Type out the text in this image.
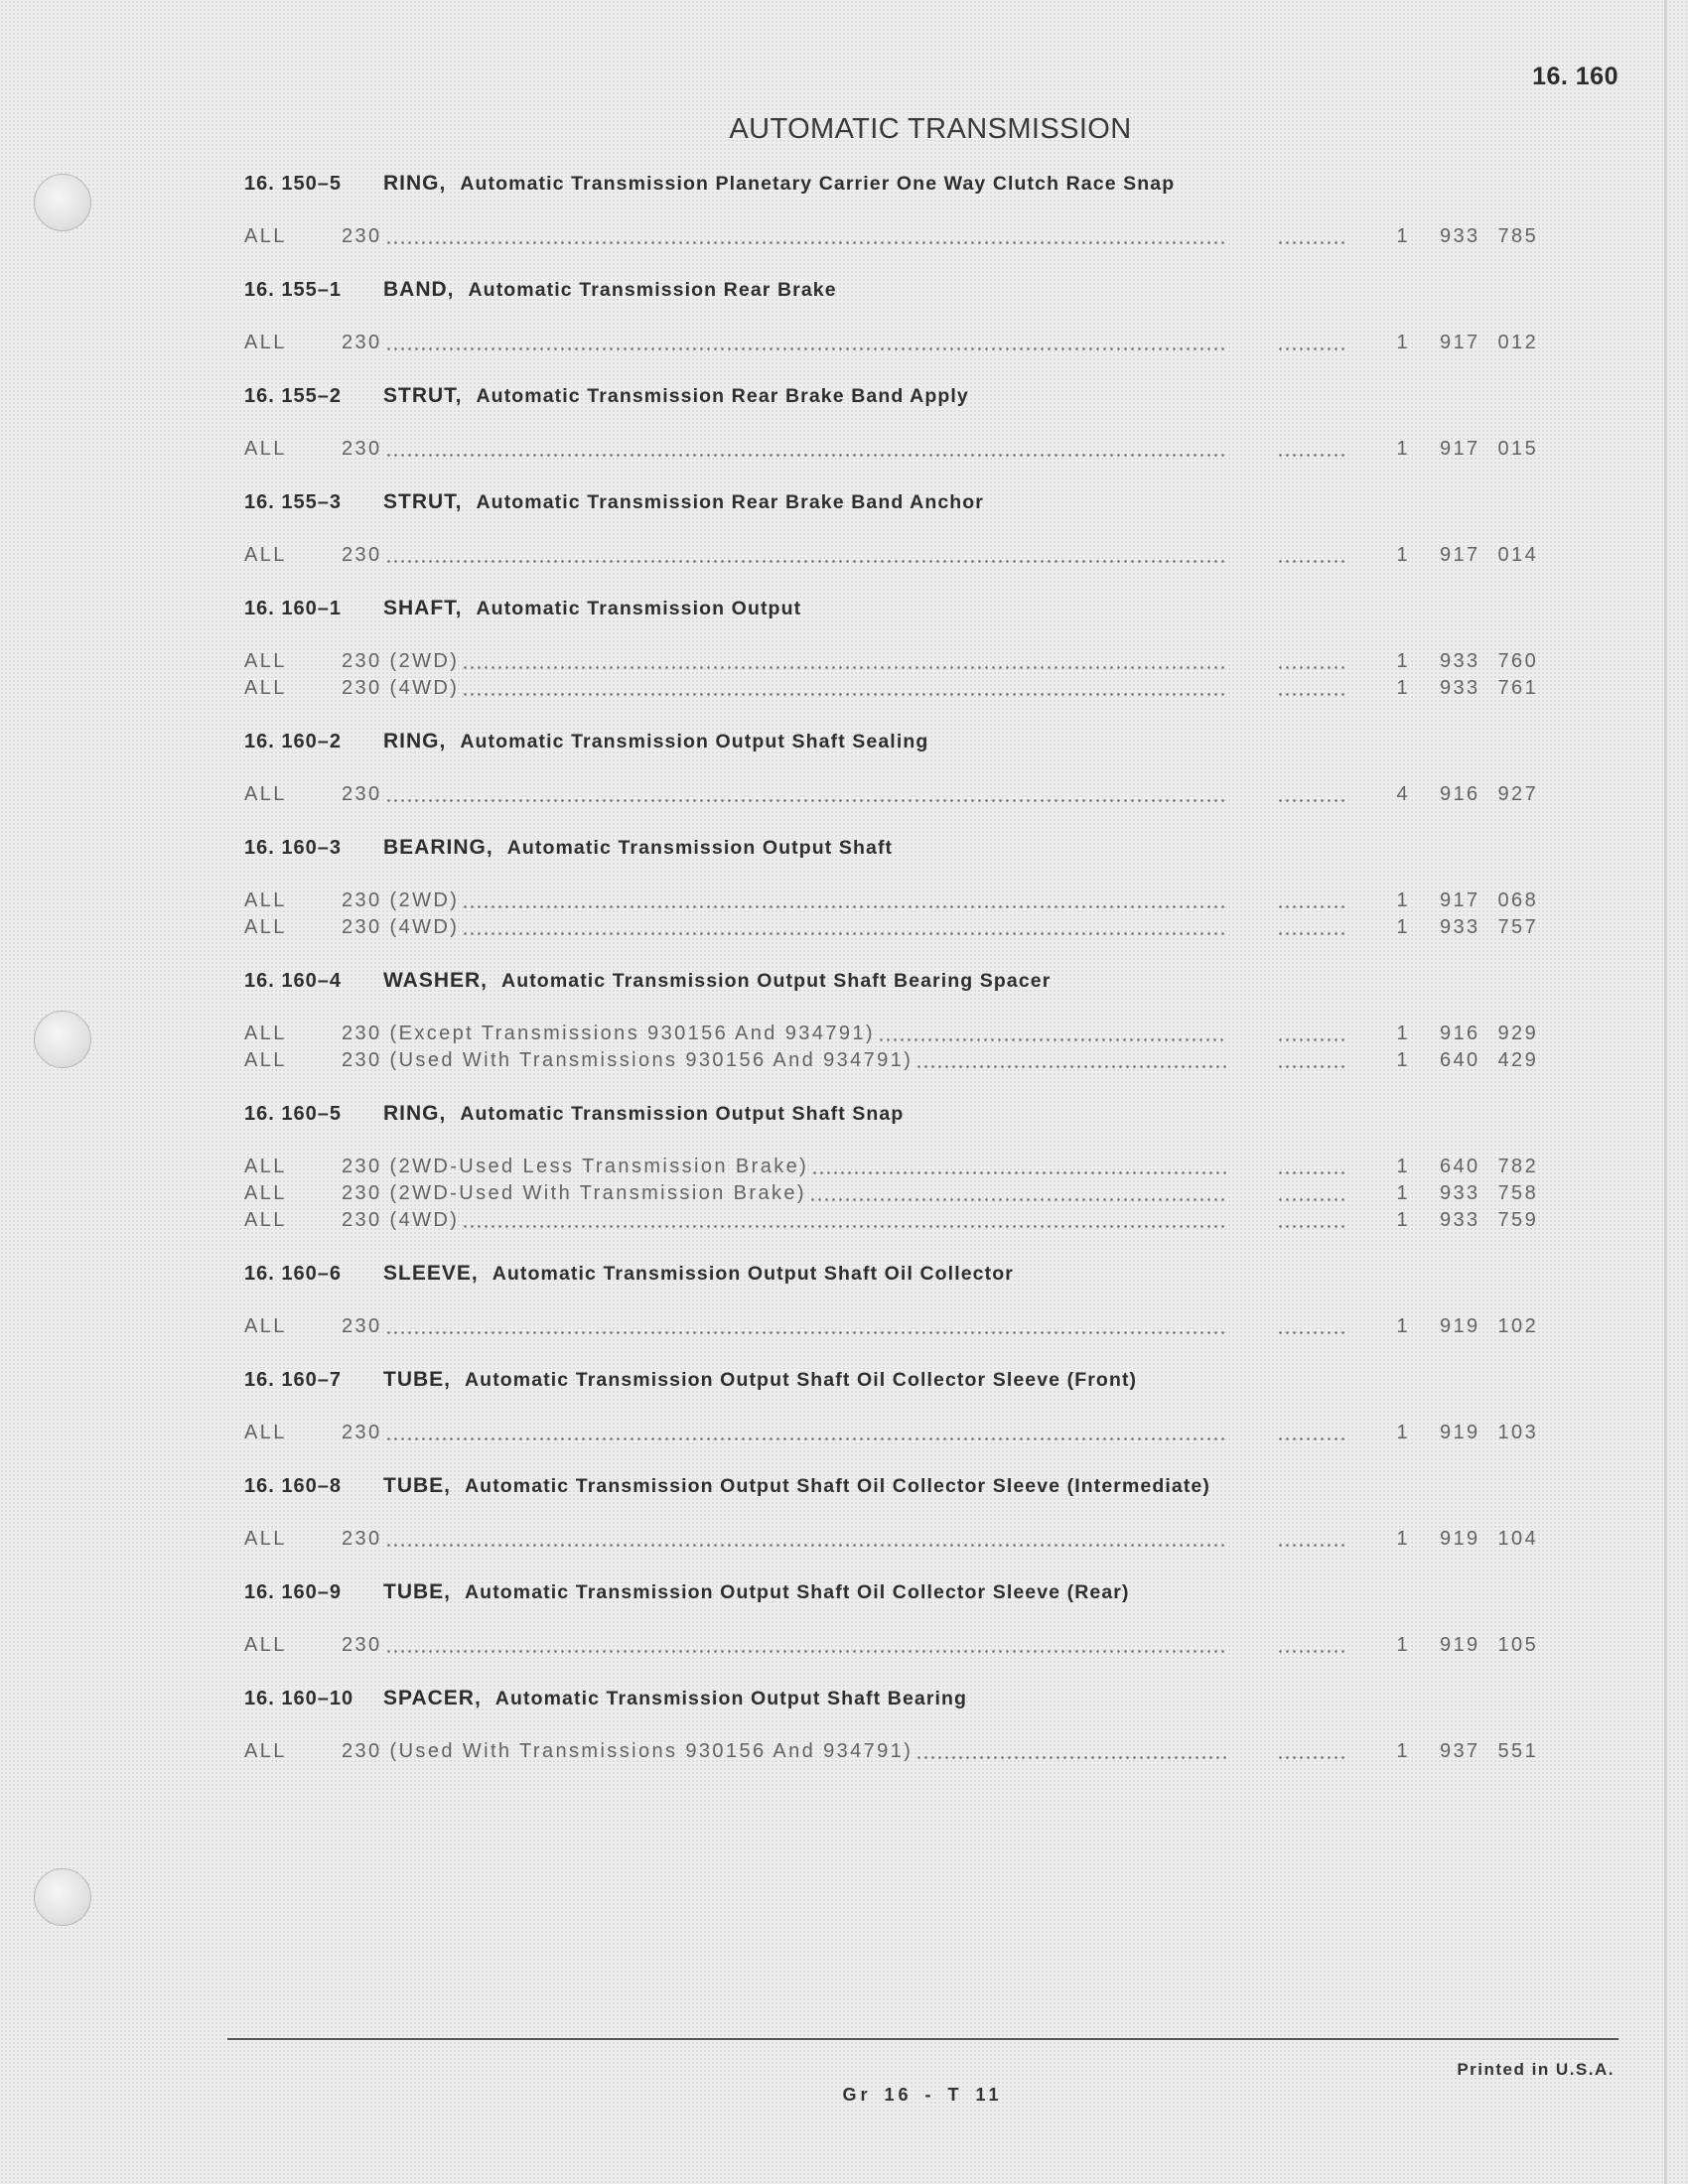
16. 160
AUTOMATIC TRANSMISSION
16. 150–5	RING, Automatic Transmission Planetary Carrier One Way Clutch Race Snap
ALL	230	1	933 785
16. 155–1	BAND, Automatic Transmission Rear Brake
ALL	230	1	917 012
16. 155–2	STRUT, Automatic Transmission Rear Brake Band Apply
ALL	230	1	917 015
16. 155–3	STRUT, Automatic Transmission Rear Brake Band Anchor
ALL	230	1	917 014
16. 160–1	SHAFT, Automatic Transmission Output
ALL	230 (2WD)	1	933 760
ALL	230 (4WD)	1	933 761
16. 160–2	RING, Automatic Transmission Output Shaft Sealing
ALL	230	4	916 927
16. 160–3	BEARING, Automatic Transmission Output Shaft
ALL	230 (2WD)	1	917 068
ALL	230 (4WD)	1	933 757
16. 160–4	WASHER, Automatic Transmission Output Shaft Bearing Spacer
ALL	230 (Except Transmissions 930156 And 934791)	1	916 929
ALL	230 (Used With Transmissions 930156 And 934791)	1	640 429
16. 160–5	RING, Automatic Transmission Output Shaft Snap
ALL	230 (2WD-Used Less Transmission Brake)	1	640 782
ALL	230 (2WD-Used With Transmission Brake)	1	933 758
ALL	230 (4WD)	1	933 759
16. 160–6	SLEEVE, Automatic Transmission Output Shaft Oil Collector
ALL	230	1	919 102
16. 160–7	TUBE, Automatic Transmission Output Shaft Oil Collector Sleeve (Front)
ALL	230	1	919 103
16. 160–8	TUBE, Automatic Transmission Output Shaft Oil Collector Sleeve (Intermediate)
ALL	230	1	919 104
16. 160–9	TUBE, Automatic Transmission Output Shaft Oil Collector Sleeve (Rear)
ALL	230	1	919 105
16. 160–10	SPACER, Automatic Transmission Output Shaft Bearing
ALL	230 (Used With Transmissions 930156 And 934791)	1	937 551
Printed in U.S.A.
Gr 16 - T 11
